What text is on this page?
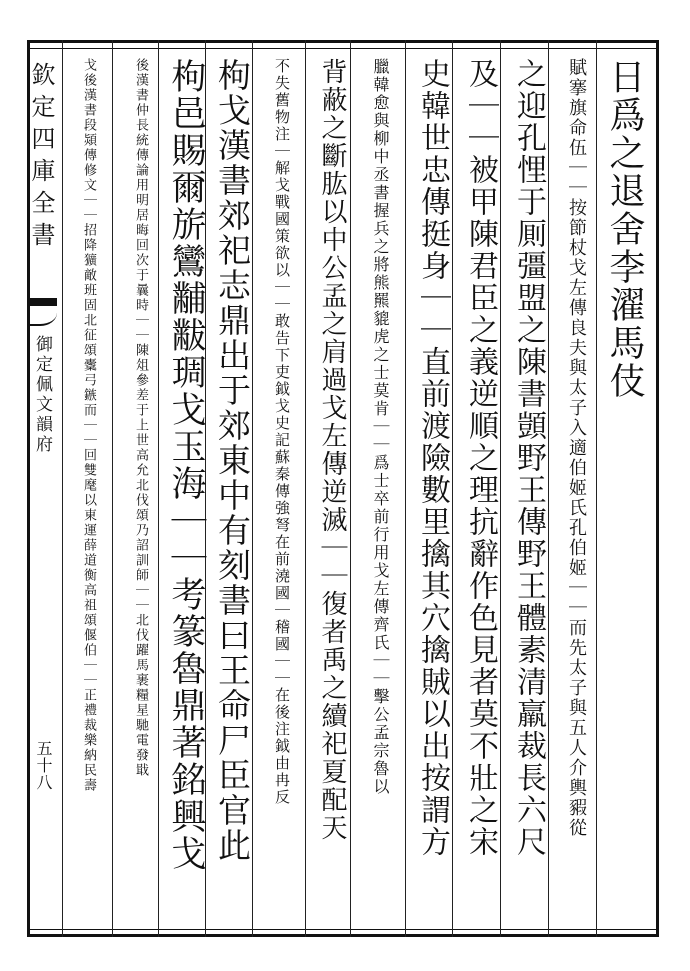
欽定四庫全書
御定佩文韻府
五十八
日爲之退舍李濯馬伎
賦搴旗命伍｜｜按節杖戈左傳良夫與太子入適伯姬氏孔伯姬｜｜而先太子與五人介輿豭從
之迎孔悝于厠彊盟之陳書顗野王傳野王體素清羸裁長六尺
及｜｜被甲陳君臣之義逆順之理抗辭作色見者莫不壯之宋
史韓世忠傳挺身｜｜直前渡險數里擒其穴擒賊以出按謂方
臘韓愈與柳中丞書握兵之將熊羆貔虎之士莫肯｜｜爲士卒前行用戈左傳齊氏｜｜擊公孟宗魯以
背蔽之斷肱以中公孟之肩過戈左傳逆滅｜｜復者禹之續祀夏配天
不失舊物注｜解戈戰國策欲以｜｜敢告下吏鉞戈史記蘇秦傳強弩在前澆國｜稽國｜｜在後注鉞由冉反
枸戈漢書郊祀志鼎出于郊東中有刻書曰王命尸臣官此
枸邑賜爾旂鸞黼黻琱戈玉海｜｜考篆魯鼎著銘興戈
後漢書仲長統傳論用明居晦回次于曩時｜｜陳俎參差于上世高允北伐頌乃詔訓師｜｜北伐躍馬裹糧星馳電發戢
戈後漢書段熲傳修文｜｜招降獷敵班固北征頌櫜弓鏃而｜｜回雙麾以東運薛道衡高祖頌偃伯｜｜正禮裁樂納民壽
